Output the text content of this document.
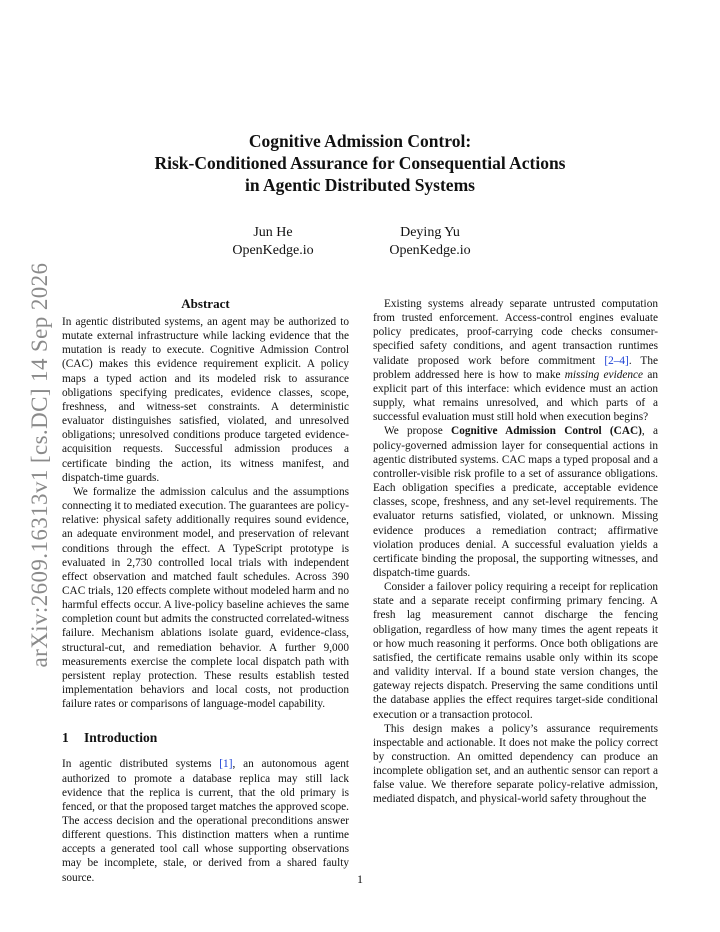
arXiv:2609.16313v1 [cs.DC] 14 Sep 2026
Cognitive Admission Control:
Risk-Conditioned Assurance for Consequential Actions
in Agentic Distributed Systems
Jun He
OpenKedge.io
Deying Yu
OpenKedge.io
Abstract

In agentic distributed systems, an agent may be authorized to mutate external infrastructure while lacking evidence that the mutation is ready to execute. Cognitive Admission Control (CAC) makes this evidence requirement explicit. A policy maps a typed action and its modeled risk to assurance obligations specifying predicates, evidence classes, scope, freshness, and witness-set constraints. A deterministic evaluator distinguishes satisfied, violated, and unresolved obligations; unresolved conditions produce targeted evidence-acquisition requests. Successful admission produces a certificate binding the action, its witness manifest, and dispatch-time guards.

We formalize the admission calculus and the assumptions connecting it to mediated execution. The guarantees are policy-relative: physical safety additionally requires sound evidence, an adequate environment model, and preservation of relevant conditions through the effect. A TypeScript prototype is evaluated in 2,730 controlled local trials with independent effect observation and matched fault schedules. Across 390 CAC trials, 120 effects complete without modeled harm and no harmful effects occur. A live-policy baseline achieves the same completion count but admits the constructed correlated-witness failure. Mechanism ablations isolate guard, evidence-class, structural-cut, and remediation behavior. A further 9,000 measurements exercise the complete local dispatch path with persistent replay protection. These results establish tested implementation behaviors and local costs, not production failure rates or comparisons of language-model capability.

1 Introduction

In agentic distributed systems [1], an autonomous agent authorized to promote a database replica may still lack evidence that the replica is current, that the old primary is fenced, or that the proposed target matches the approved scope. The access decision and the operational preconditions answer different questions. This distinction matters when a runtime accepts a generated tool call whose supporting observations may be incomplete, stale, or derived from a shared faulty source.

Existing systems already separate untrusted computation from trusted enforcement. Access-control engines evaluate policy predicates, proof-carrying code checks consumer-specified safety conditions, and agent transaction runtimes validate proposed work before commitment [2–4]. The problem addressed here is how to make missing evidence an explicit part of this interface: which evidence must an action supply, what remains unresolved, and which parts of a successful evaluation must still hold when execution begins?

We propose Cognitive Admission Control (CAC), a policy-governed admission layer for consequential actions in agentic distributed systems. CAC maps a typed proposal and a controller-visible risk profile to a set of assurance obligations. Each obligation specifies a predicate, acceptable evidence classes, scope, freshness, and any set-level requirements. The evaluator returns satisfied, violated, or unknown. Missing evidence produces a remediation contract; affirmative violation produces denial. A successful evaluation yields a certificate binding the proposal, the supporting witnesses, and dispatch-time guards.

Consider a failover policy requiring a receipt for replication state and a separate receipt confirming primary fencing. A fresh lag measurement cannot discharge the fencing obligation, regardless of how many times the agent repeats it or how much reasoning it performs. Once both obligations are satisfied, the certificate remains usable only within its scope and validity interval. If a bound state version changes, the gateway rejects dispatch. Preserving the same conditions until the database applies the effect requires target-side conditional execution or a transaction protocol.

This design makes a policy’s assurance requirements inspectable and actionable. It does not make the policy correct by construction. An omitted dependency can produce an incomplete obligation set, and an authentic sensor can report a false value. We therefore separate policy-relative admission, mediated dispatch, and physical-world safety throughout the

1
